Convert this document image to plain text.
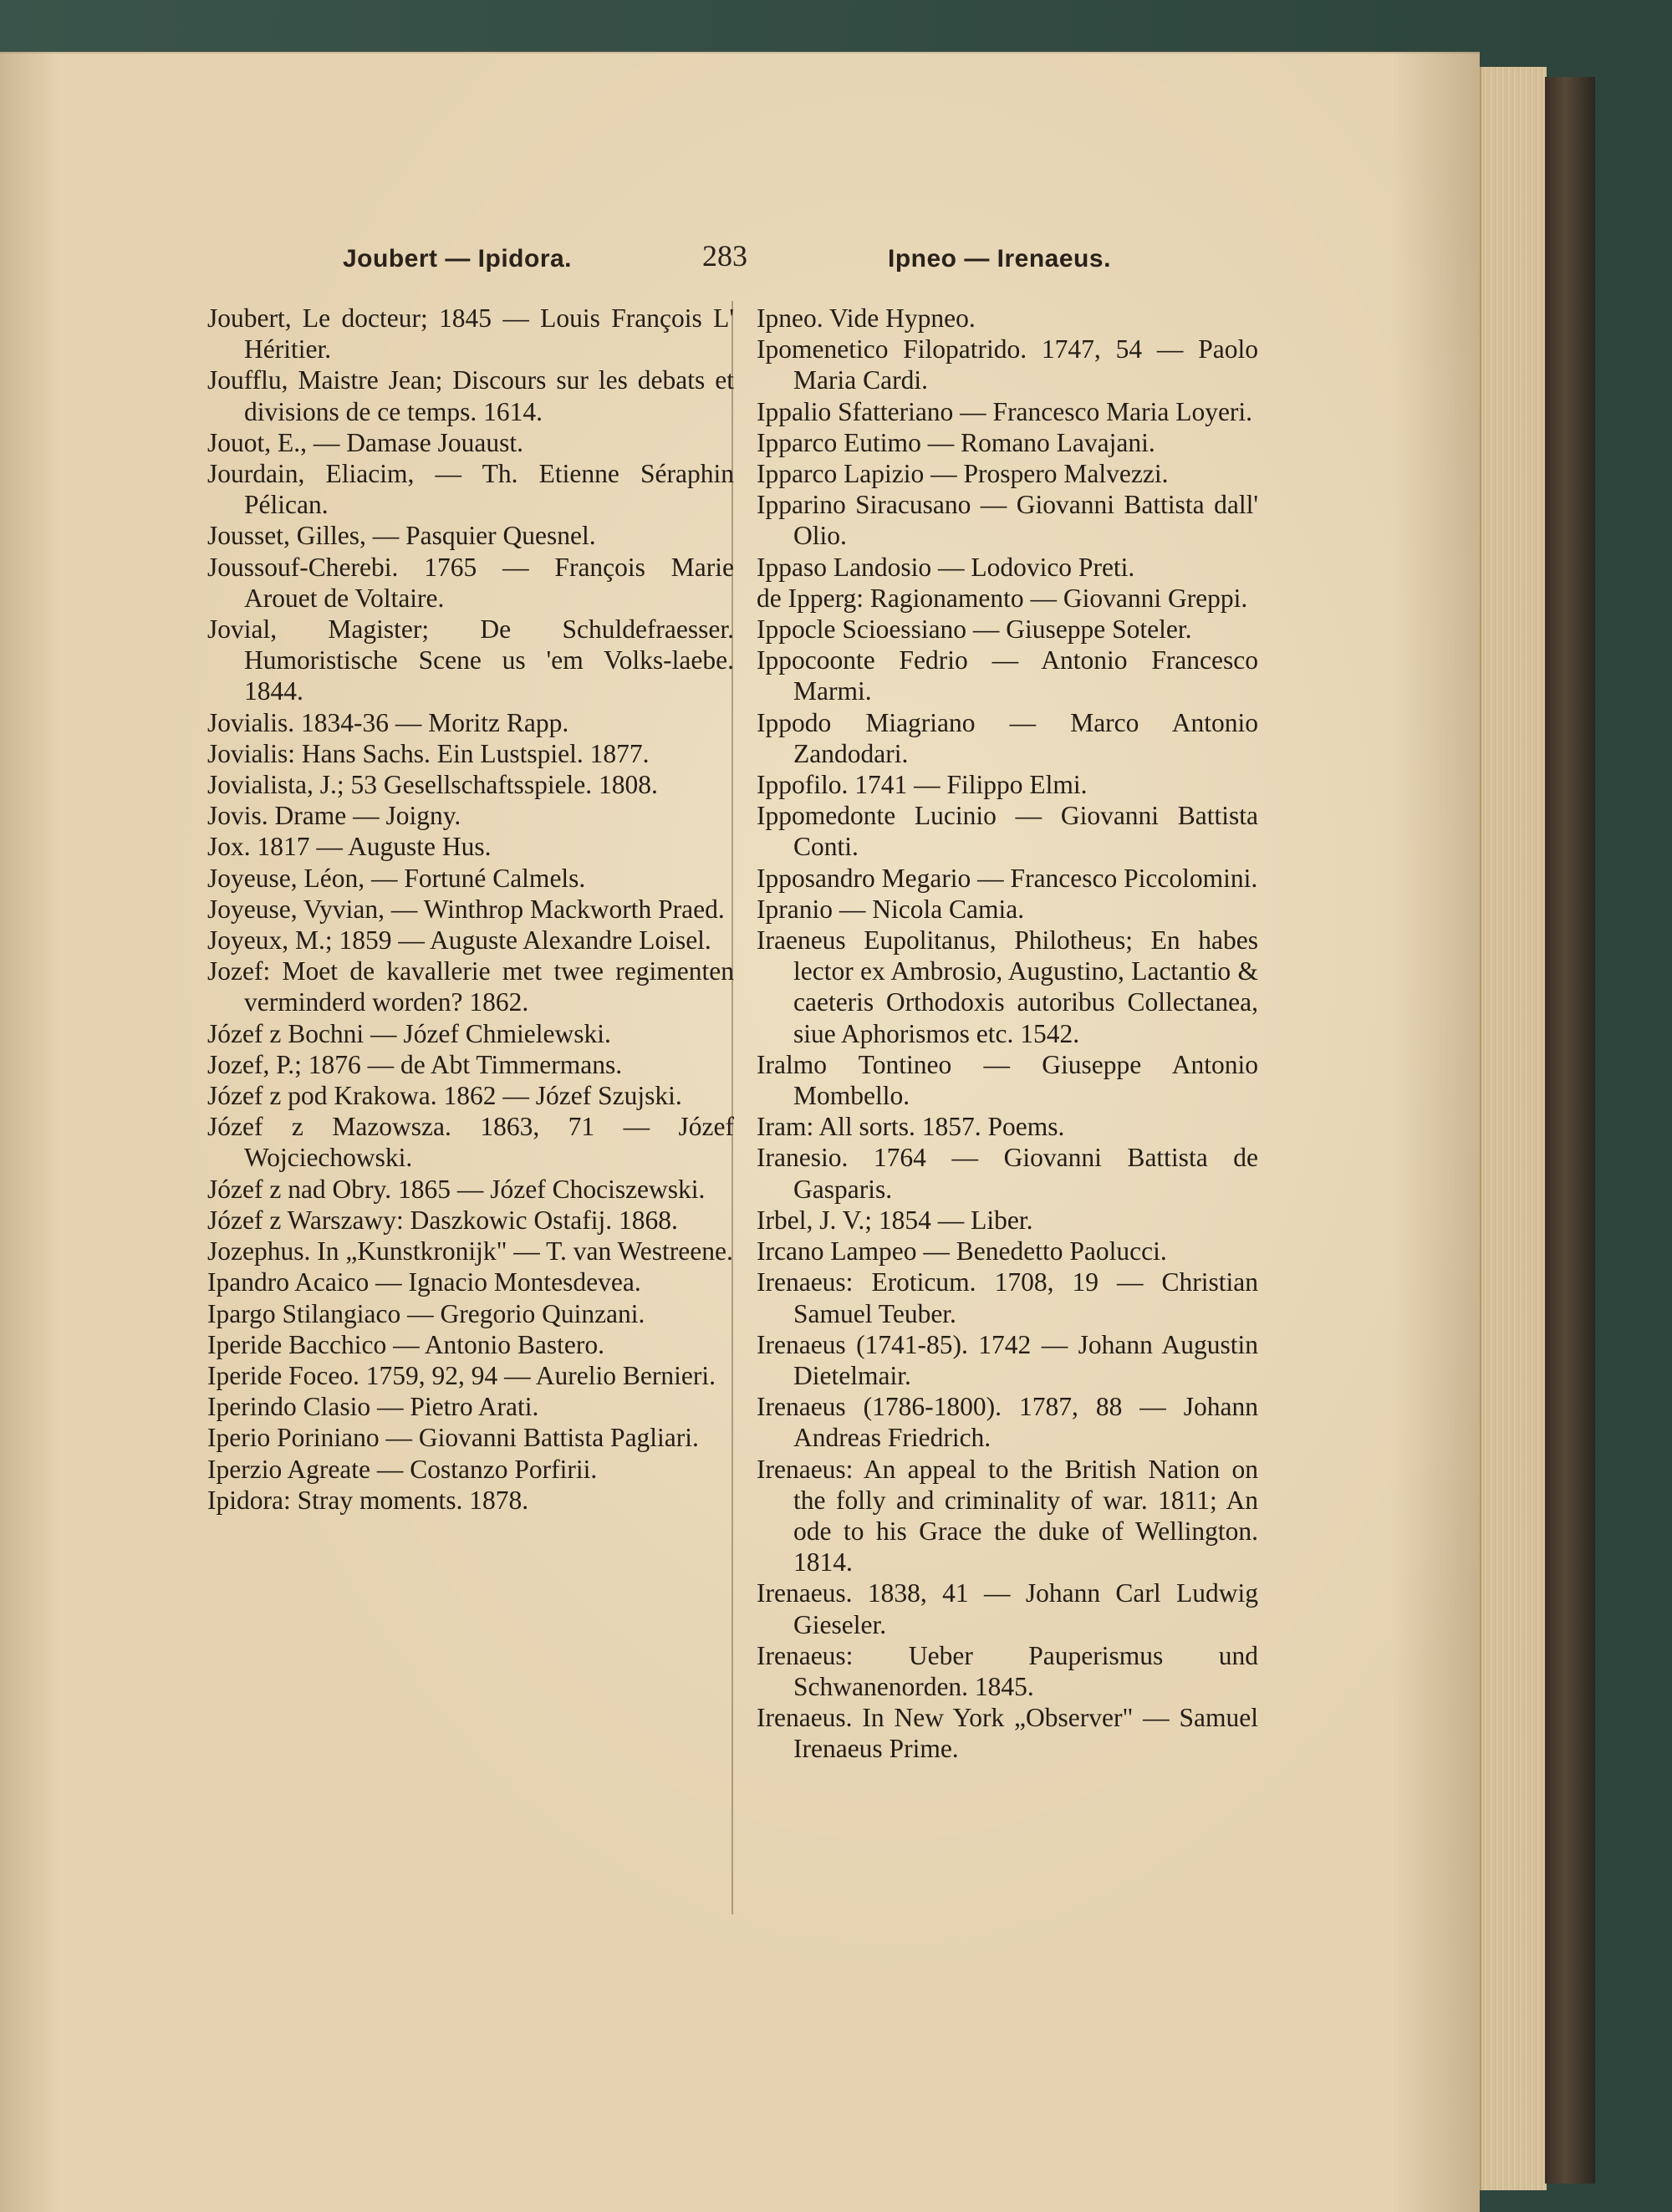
Joubert — Ipidora.	283	Ipneo — Irenaeus.

Joubert, Le docteur; 1845 — Louis François L' Héritier.

Joufflu, Maistre Jean; Discours sur les debats et divisions de ce temps. 1614.

Jouot, E., — Damase Jouaust.

Jourdain, Eliacim, — Th. Etienne Séraphin Pélican.

Jousset, Gilles, — Pasquier Quesnel.

Joussouf-Cherebi. 1765 — François Marie Arouet de Voltaire.

Jovial, Magister; De Schuldefraesser. Humoristische Scene us 'em Volks-laebe. 1844.

Jovialis. 1834-36 — Moritz Rapp.

Jovialis: Hans Sachs. Ein Lustspiel. 1877.

Jovialista, J.; 53 Gesellschaftsspiele. 1808.

Jovis. Drame — Joigny.

Jox. 1817 — Auguste Hus.

Joyeuse, Léon, — Fortuné Calmels.

Joyeuse, Vyvian, — Winthrop Mackworth Praed.

Joyeux, M.; 1859 — Auguste Alexandre Loisel.

Jozef: Moet de kavallerie met twee regimenten verminderd worden? 1862.

Józef z Bochni — Józef Chmielewski.

Jozef, P.; 1876 — de Abt Timmermans.

Józef z pod Krakowa. 1862 — Józef Szujski.

Józef z Mazowsza. 1863, 71 — Józef Wojciechowski.

Józef z nad Obry. 1865 — Józef Chociszewski.

Józef z Warszawy: Daszkowic Ostafij. 1868.

Jozephus. In „Kunstkronijk" — T. van Westreene.

Ipandro Acaico — Ignacio Montesdevea.

Ipargo Stilangiaco — Gregorio Quinzani.

Iperide Bacchico — Antonio Bastero.

Iperide Foceo. 1759, 92, 94 — Aurelio Bernieri.

Iperindo Clasio — Pietro Arati.

Iperio Poriniano — Giovanni Battista Pagliari.

Iperzio Agreate — Costanzo Porfirii.

Ipidora: Stray moments. 1878.

Ipneo. Vide Hypneo.

Ipomenetico Filopatrido. 1747, 54 — Paolo Maria Cardi.

Ippalio Sfatteriano — Francesco Maria Loyeri.

Ipparco Eutimo — Romano Lavajani.

Ipparco Lapizio — Prospero Malvezzi.

Ipparino Siracusano — Giovanni Battista dall' Olio.

Ippaso Landosio — Lodovico Preti.

de Ipperg: Ragionamento — Giovanni Greppi.

Ippocle Scioessiano — Giuseppe Soteler.

Ippocoonte Fedrio — Antonio Francesco Marmi.

Ippodo Miagriano — Marco Antonio Zandodari.

Ippofilo. 1741 — Filippo Elmi.

Ippomedonte Lucinio — Giovanni Battista Conti.

Ipposandro Megario — Francesco Piccolomini.

Ipranio — Nicola Camia.

Iraeneus Eupolitanus, Philotheus; En habes lector ex Ambrosio, Augustino, Lactantio & caeteris Orthodoxis autoribus Collectanea, siue Aphorismos etc. 1542.

Iralmo Tontineo — Giuseppe Antonio Mombello.

Iram: All sorts. 1857. Poems.

Iranesio. 1764 — Giovanni Battista de Gasparis.

Irbel, J. V.; 1854 — Liber.

Ircano Lampeo — Benedetto Paolucci.

Irenaeus: Eroticum. 1708, 19 — Christian Samuel Teuber.

Irenaeus (1741-85). 1742 — Johann Augustin Dietelmair.

Irenaeus (1786-1800). 1787, 88 — Johann Andreas Friedrich.

Irenaeus: An appeal to the British Nation on the folly and criminality of war. 1811; An ode to his Grace the duke of Wellington. 1814.

Irenaeus. 1838, 41 — Johann Carl Ludwig Gieseler.

Irenaeus: Ueber Pauperismus und Schwanenorden. 1845.

Irenaeus. In New York „Observer" — Samuel Irenaeus Prime.
